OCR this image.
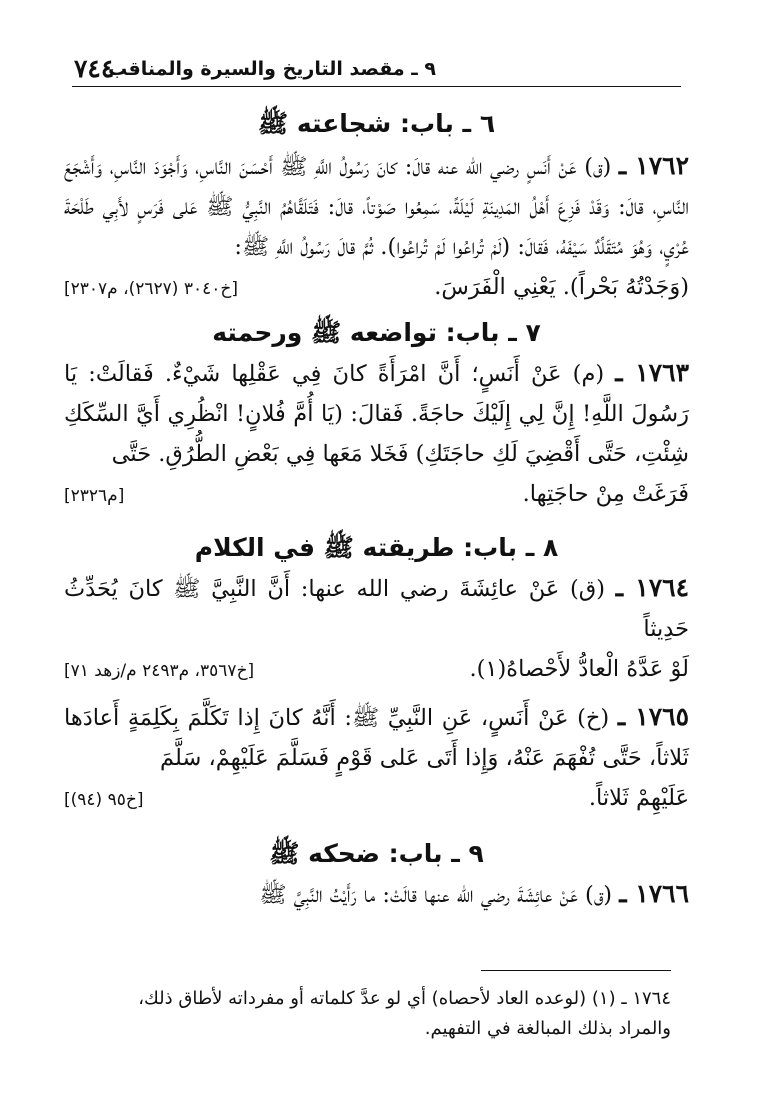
٩ ـ مقصد التاريخ والسيرة والمناقب
٧٤٤
٦ ـ باب: شجاعته ﷺ

١٧٦٢ ـ (ق) عَنْ أَنَسٍ رضي الله عنه قالَ: كانَ رَسُولُ اللَّهِ ﷺ أَحْسَنَ النَّاسِ، وَأَجْوَدَ النَّاسِ، وَأَشْجَعَ النَّاسِ، قالَ: وَقَدْ فَزِعَ أَهْلُ المَدِينَةِ لَيْلَةً، سَمِعُوا صَوْتاً، قالَ: فَتَلَقَّاهُمُ النَّبِيُّ ﷺ عَلى فَرَسٍ لأَبِي طَلْحَةَ عُرْيٍ، وَهُوَ مُتَقَلِّدٌ سَيْفَهُ، فَقالَ: (لَمْ تُراعُوا لَمْ تُراعُوا). ثُمَّ قالَ رَسُولُ اللَّهِ ﷺ:

(وَجَدْتُهُ بَحْراً). يَعْنِي الْفَرَسَ.
[خ٣٠٤٠ (٢٦٢٧)، م٢٣٠٧]
٧ ـ باب: تواضعه ﷺ ورحمته

١٧٦٣ ـ (م) عَنْ أَنَسٍ؛ أَنَّ امْرَأَةً كانَ فِي عَقْلِها شَيْءٌ. فَقالَتْ: يَا رَسُولَ اللَّهِ! إِنَّ لِي إِلَيْكَ حاجَةً. فَقالَ: (يَا أُمَّ فُلانٍ! انْظُرِي أَيَّ السِّكَكِ شِئْتِ، حَتَّى أَقْضِيَ لَكِ حاجَتَكِ) فَخَلا مَعَها فِي بَعْضِ الطُّرُقِ. حَتَّى

فَرَغَتْ مِنْ حاجَتِها.
[م٢٣٢٦]
٨ ـ باب: طريقته ﷺ في الكلام

١٧٦٤ ـ (ق) عَنْ عائِشَةَ رضي الله عنها: أَنَّ النَّبِيَّ ﷺ كانَ يُحَدِّثُ حَدِيثاً

لَوْ عَدَّهُ الْعادُّ لأَحْصاهُ(١).
[خ٣٥٦٧، م٢٤٩٣ م/زهد ٧١]

١٧٦٥ ـ (خ) عَنْ أَنَسٍ، عَنِ النَّبِيِّ ﷺ: أَنَّهُ كانَ إِذا تَكَلَّمَ بِكَلِمَةٍ أَعادَها ثَلاثاً، حَتَّى تُفْهَمَ عَنْهُ، وَإِذا أَتَى عَلى قَوْمٍ فَسَلَّمَ عَلَيْهِمْ، سَلَّمَ

عَلَيْهِمْ ثَلاثاً.
[خ٩٥ (٩٤)]
٩ ـ باب: ضحكه ﷺ

١٧٦٦ ـ (ق) عَنْ عائِشَةَ رضي الله عنها قالَتْ: ما رَأَيْتُ النَّبِيَّ ﷺ

١٧٦٤ ـ (١) (لوعده العاد لأحصاه) أي لو عدَّ كلماته أو مفرداته لأطاق ذلك،

والمراد بذلك المبالغة في التفهيم.
